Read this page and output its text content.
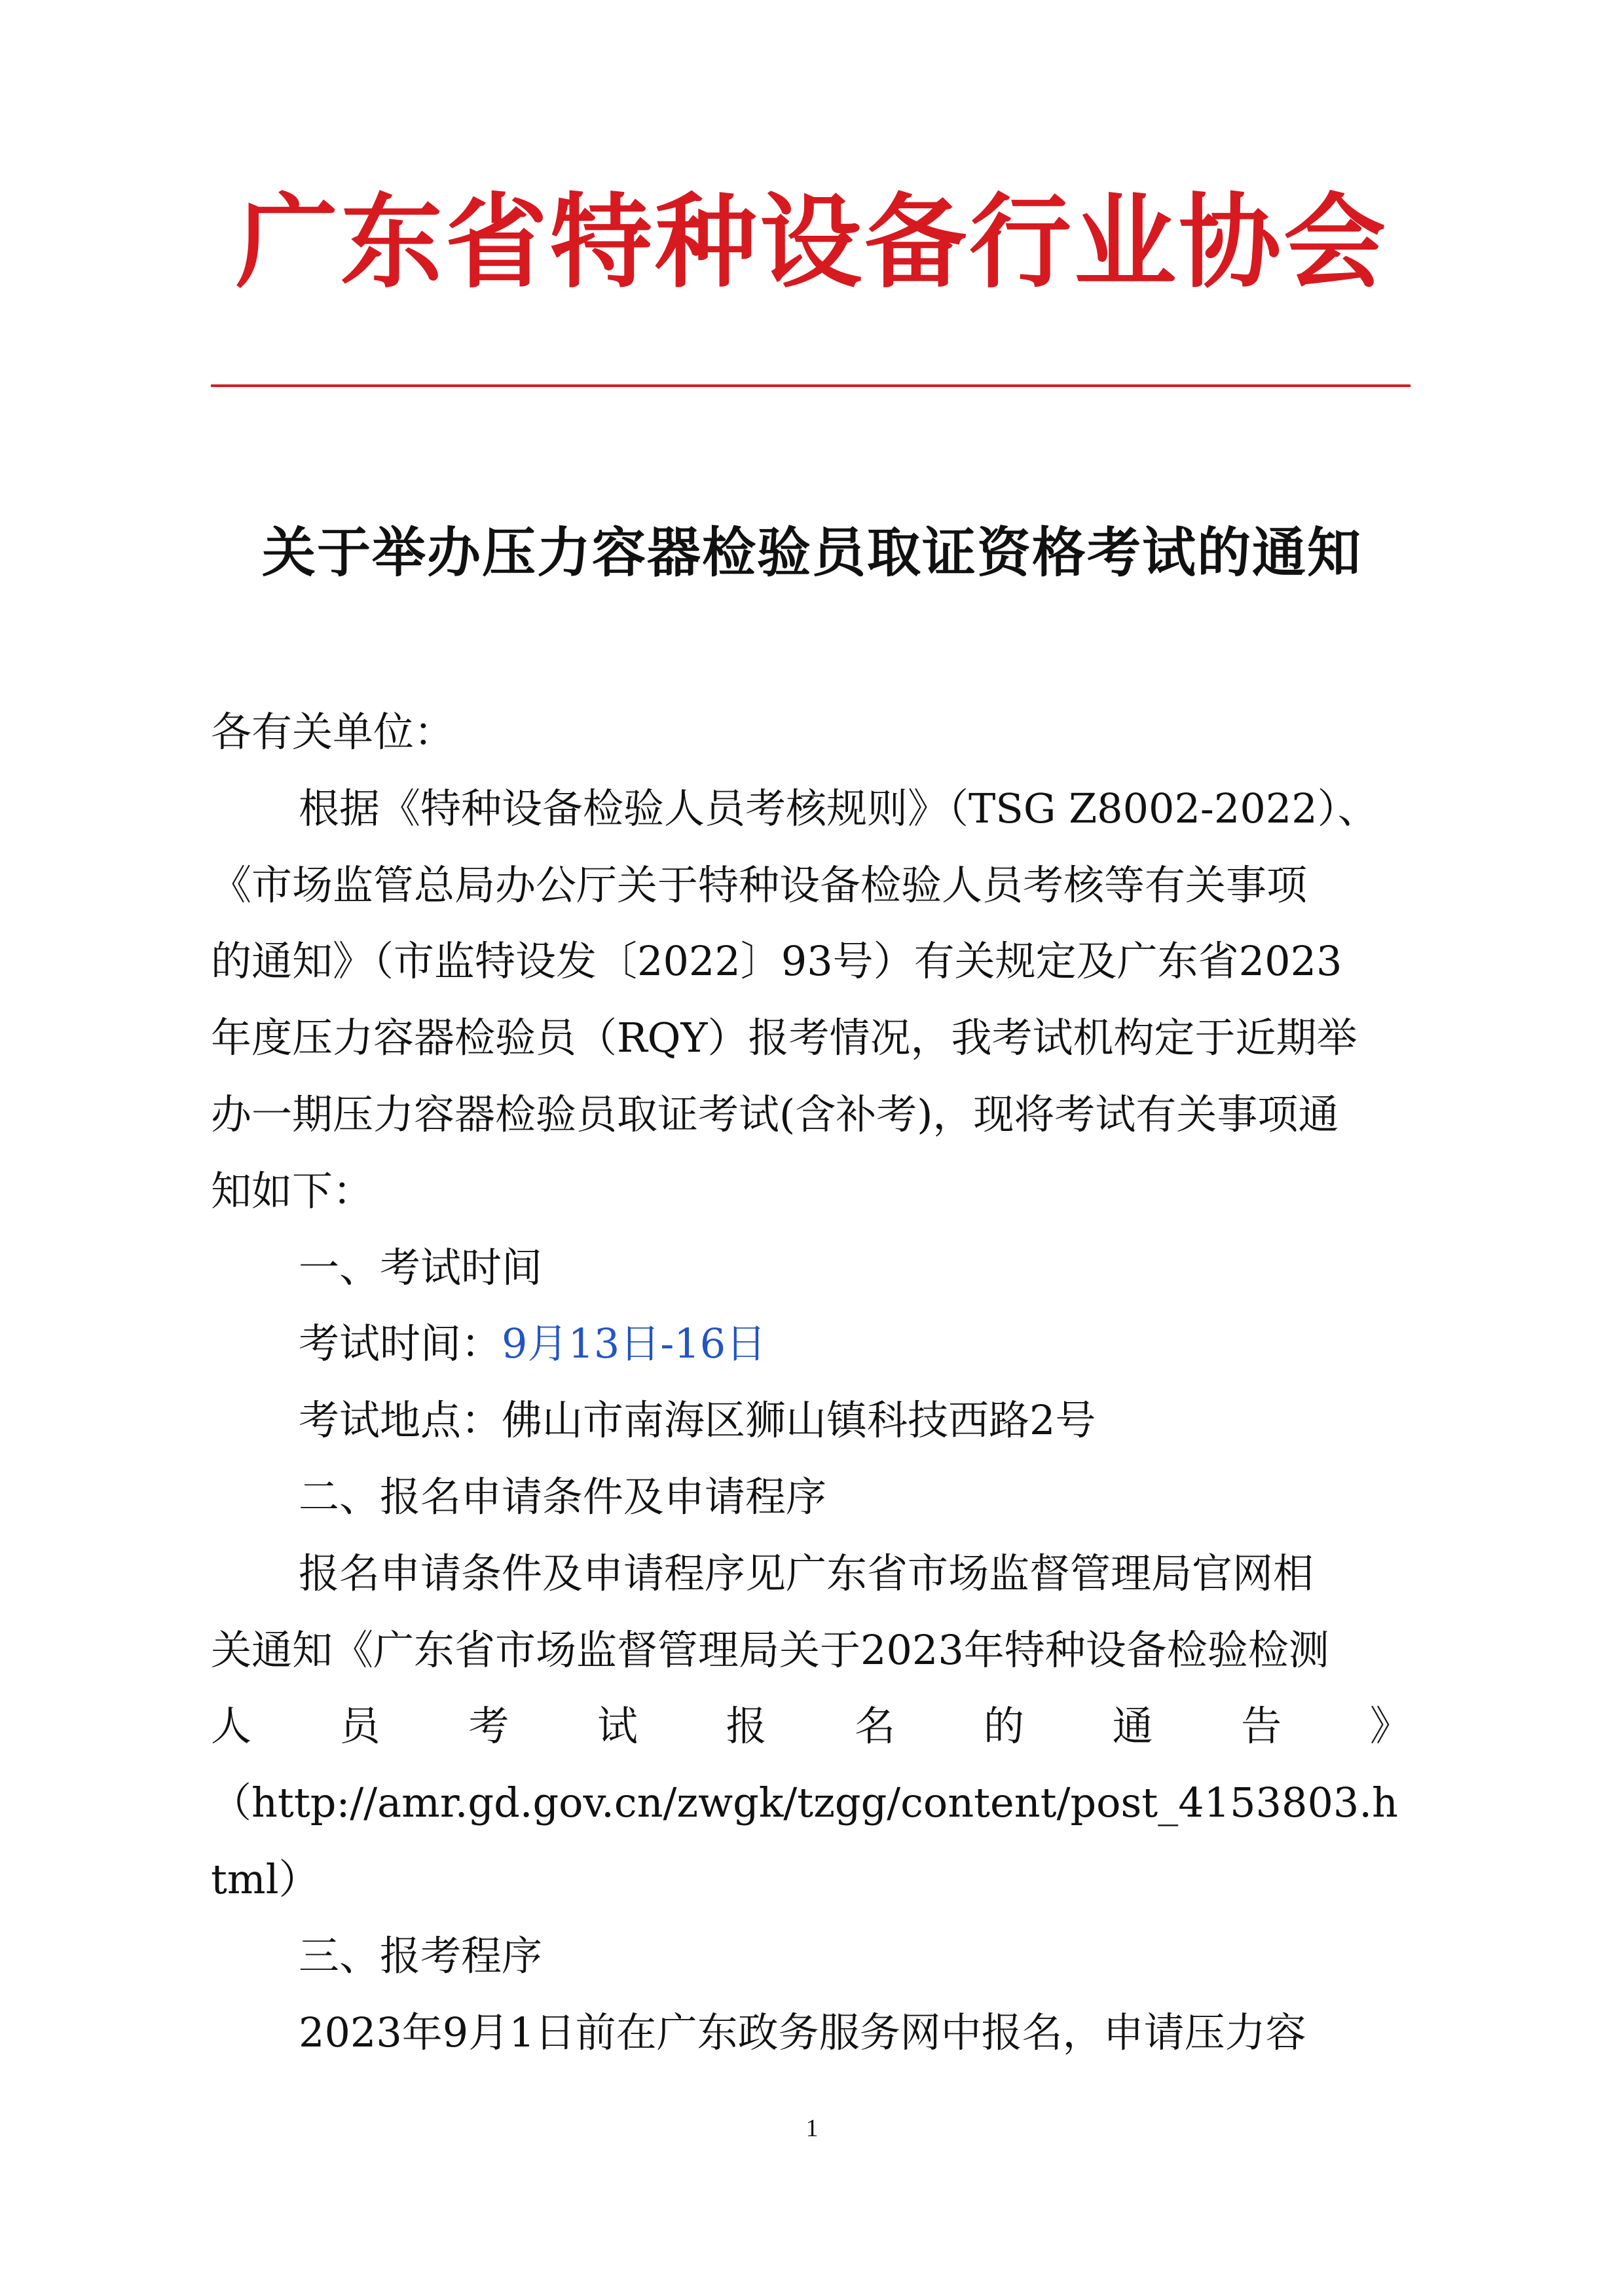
广东省特种设备行业协会
关于举办压力容器检验员取证资格考试的通知
各有关单位：
根据《特种设备检验人员考核规则》（TSG Z8002-2022）、
《市场监管总局办公厅关于特种设备检验人员考核等有关事项
的通知》（市监特设发〔2022〕93号）有关规定及广东省2023
年度压力容器检验员（RQY）报考情况，我考试机构定于近期举
办一期压力容器检验员取证考试(含补考)，现将考试有关事项通
知如下：
一、考试时间
考试时间：9月13日-16日
考试地点：佛山市南海区狮山镇科技西路2号
二、报名申请条件及申请程序
报名申请条件及申请程序见广东省市场监督管理局官网相
关通知《广东省市场监督管理局关于2023年特种设备检验检测
人 员 考 试 报 名 的 通 告 》
（http://amr.gd.gov.cn/zwgk/tzgg/content/post_4153803.h
tml）
三、报考程序
2023年9月1日前在广东政务服务网中报名，申请压力容
1
